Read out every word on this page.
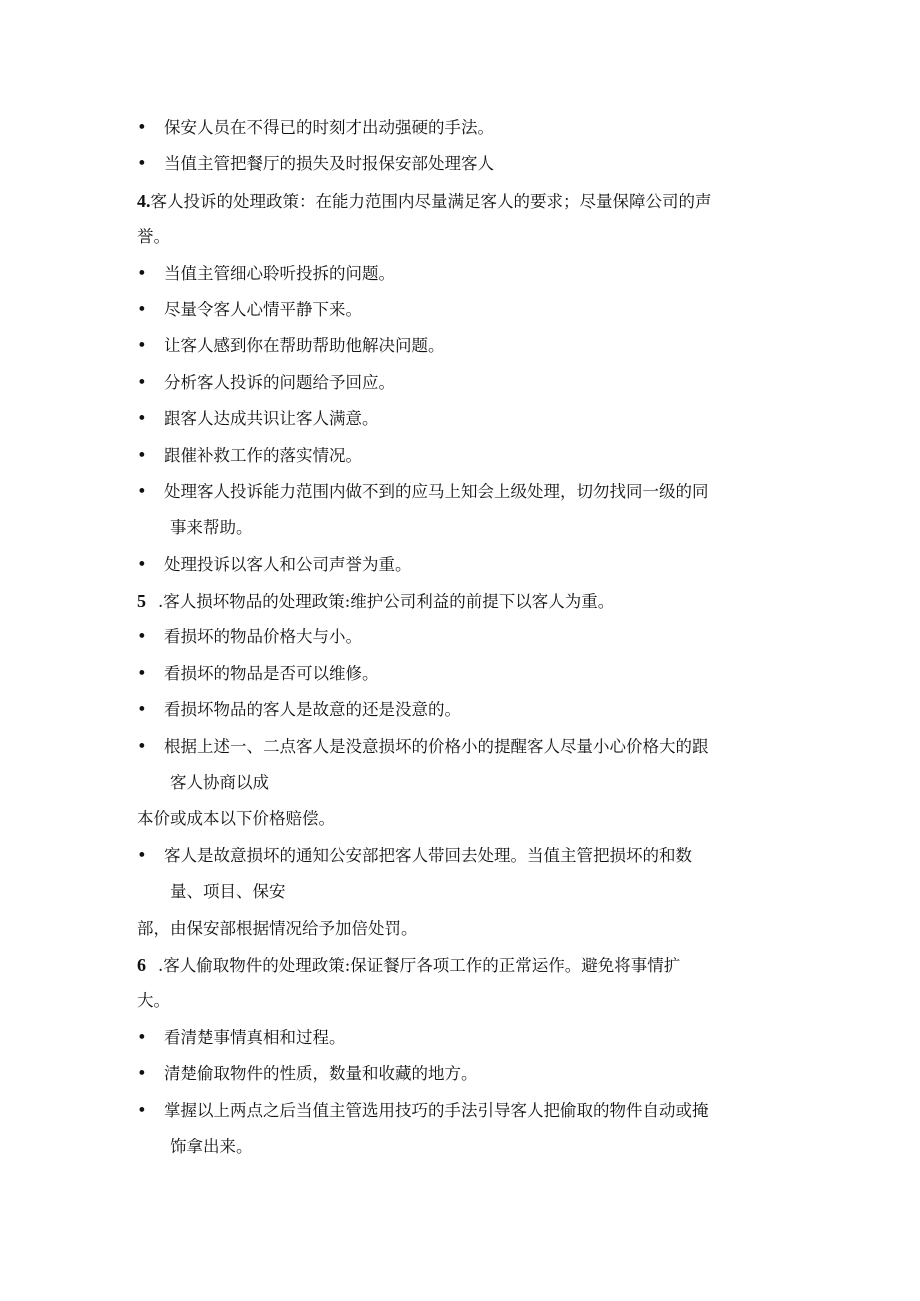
• 保安人员在不得已的时刻才出动强硬的手法。
• 当值主管把餐厅的损失及时报保安部处理客人
4.客人投诉的处理政策：在能力范围内尽量满足客人的要求；尽量保障公司的声
誉。
• 当值主管细心聆听投拆的问题。
• 尽量令客人心情平静下来。
• 让客人感到你在帮助帮助他解决问题。
• 分析客人投诉的问题给予回应。
• 跟客人达成共识让客人满意。
• 跟催补救工作的落实情况。
• 处理客人投诉能力范围内做不到的应马上知会上级处理，切勿找同一级的同
事来帮助。
• 处理投诉以客人和公司声誉为重。
5 .客人损坏物品的处理政策:维护公司利益的前提下以客人为重。
• 看损坏的物品价格大与小。
• 看损坏的物品是否可以维修。
• 看损坏物品的客人是故意的还是没意的。
• 根据上述一、二点客人是没意损坏的价格小的提醒客人尽量小心价格大的跟
客人协商以成
本价或成本以下价格赔偿。
• 客人是故意损坏的通知公安部把客人带回去处理。当值主管把损坏的和数
量、项目、保安
部，由保安部根据情况给予加倍处罚。
6 .客人偷取物件的处理政策:保证餐厅各项工作的正常运作。避免将事情扩
大。
• 看清楚事情真相和过程。
• 清楚偷取物件的性质，数量和收藏的地方。
• 掌握以上两点之后当值主管选用技巧的手法引导客人把偷取的物件自动或掩
饰拿出来。
